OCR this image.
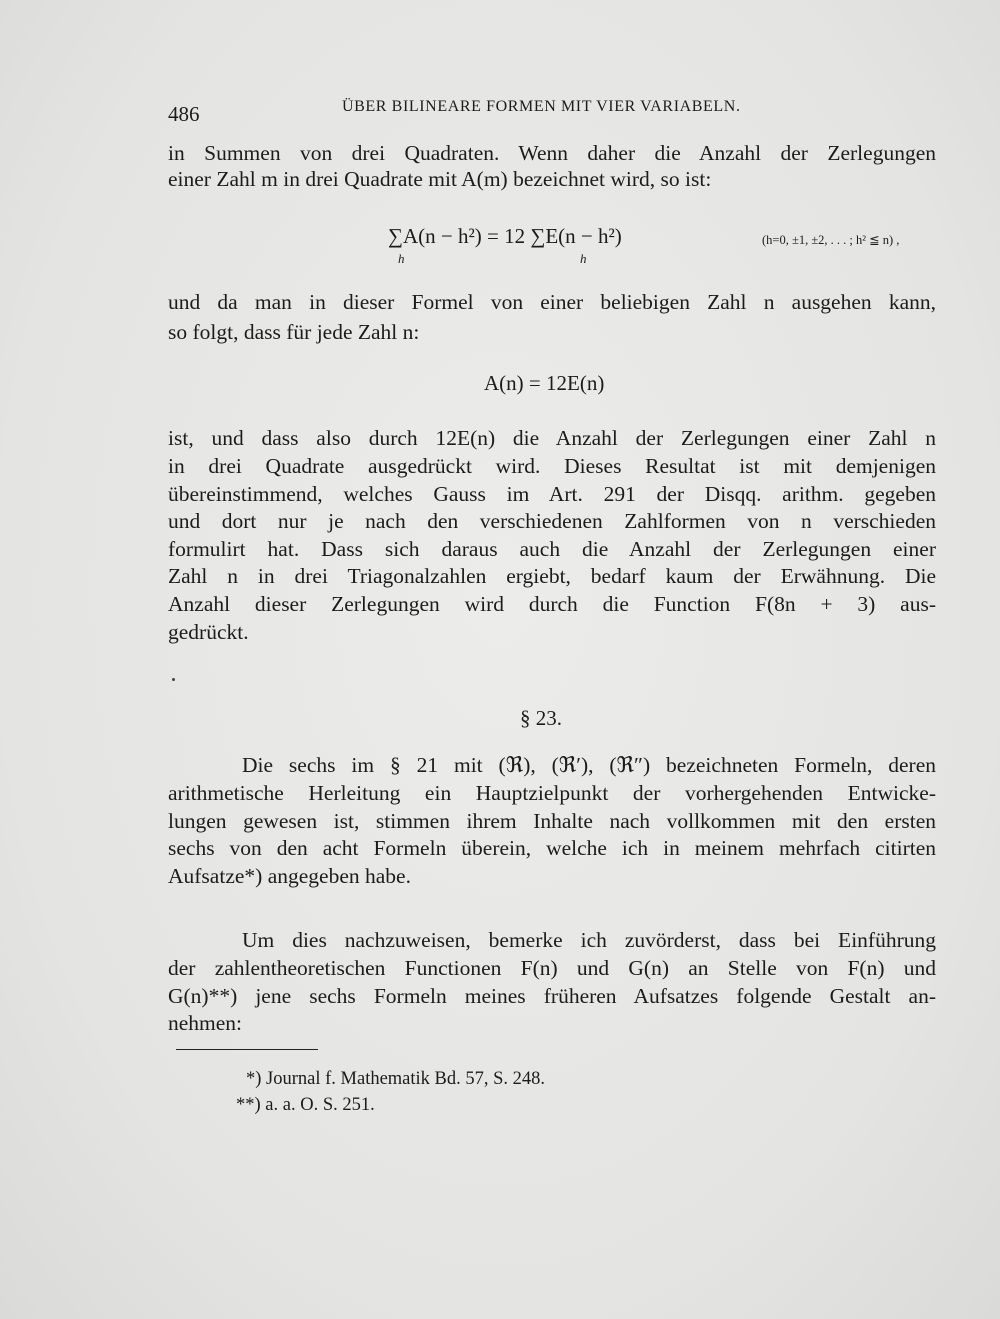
486	ÜBER BILINEARE FORMEN MIT VIER VARIABELN.
in Summen von drei Quadraten. Wenn daher die Anzahl der Zerlegungen
einer Zahl m in drei Quadrate mit A(m) bezeichnet wird, so ist:
∑A(n − h²) = 12 ∑E(n − h²)
h	h
(h=0, ±1, ±2, . . . ; h² ≦ n) ,
und da man in dieser Formel von einer beliebigen Zahl n ausgehen kann,
so folgt, dass für jede Zahl n:
A(n) = 12E(n)
ist, und dass also durch 12E(n) die Anzahl der Zerlegungen einer Zahl n
in drei Quadrate ausgedrückt wird. Dieses Resultat ist mit demjenigen
übereinstimmend, welches Gauss im Art. 291 der Disqq. arithm. gegeben
und dort nur je nach den verschiedenen Zahlformen von n verschieden
formulirt hat. Dass sich daraus auch die Anzahl der Zerlegungen einer
Zahl n in drei Triagonalzahlen ergiebt, bedarf kaum der Erwähnung. Die
Anzahl dieser Zerlegungen wird durch die Function F(8n + 3) aus-
gedrückt.
§ 23.
Die sechs im § 21 mit (ℜ), (ℜ′), (ℜ″) bezeichneten Formeln, deren
arithmetische Herleitung ein Hauptzielpunkt der vorhergehenden Entwicke-
lungen gewesen ist, stimmen ihrem Inhalte nach vollkommen mit den ersten
sechs von den acht Formeln überein, welche ich in meinem mehrfach citirten
Aufsatze*) angegeben habe.
Um dies nachzuweisen, bemerke ich zuvörderst, dass bei Einführung
der zahlentheoretischen Functionen F(n) und G(n) an Stelle von F(n) und
G(n)**) jene sechs Formeln meines früheren Aufsatzes folgende Gestalt an-
nehmen:
*) Journal f. Mathematik Bd. 57, S. 248.
**) a. a. O. S. 251.
